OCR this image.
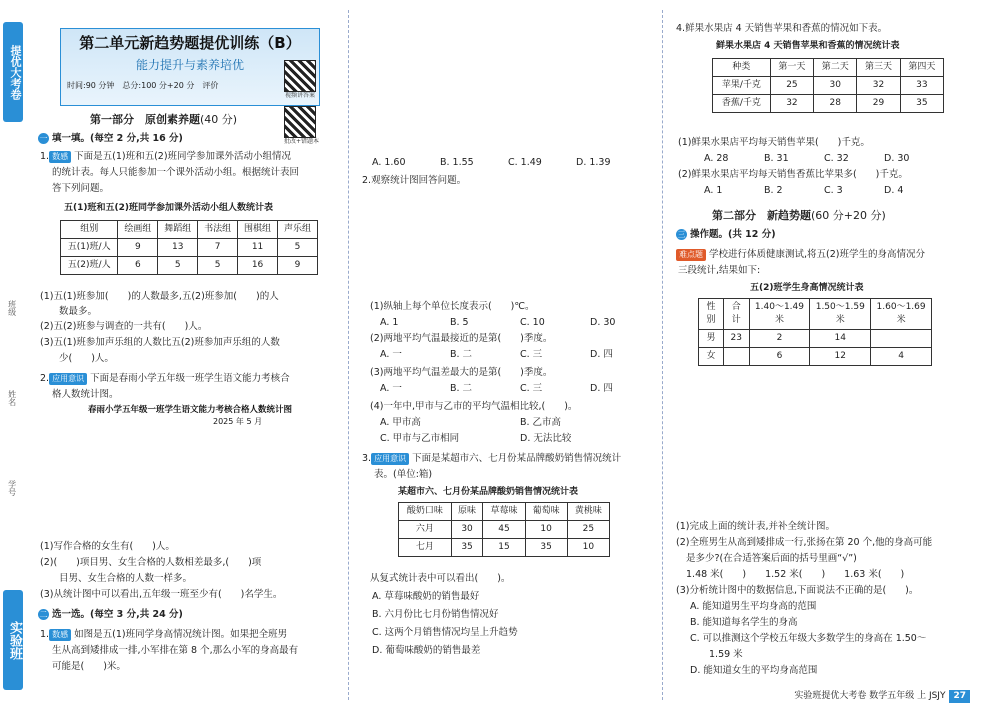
提优大考卷
班级
姓名
学号
实验班
第二单元新趋势题提优训练（B）
能力提升与素养培优
时间:90 分钟　总分:100 分+20 分　评价
视频讲答案
批改+错题本
第一部分　原创素养题(40 分)
一 填一填。(每空 2 分,共 16 分)
1. 数感 下面是五(1)班和五(2)班同学参加课外活动小组情况
的统计表。每人只能参加一个课外活动小组。根据统计表回
答下列问题。
五(1)班和五(2)班同学参加课外活动小组人数统计表
组别	绘画组	舞蹈组	书法组	围棋组	声乐组
五(1)班/人	9	13	7	11	5
五(2)班/人	6	5	5	16	9
(1)五(1)班参加(　　)的人数最多,五(2)班参加(　　)的人
　　数最多。
(2)五(2)班参与调查的一共有(　　)人。
(3)五(1)班参加声乐组的人数比五(2)班参加声乐组的人数
　　少(　　)人。
2. 应用意识 下面是春雨小学五年级一班学生语文能力考核合
格人数统计图。
春雨小学五年级一班学生语文能力考核合格人数统计图
2025 年 5 月
(1)写作合格的女生有(　　)人。
(2)(　　)项目男、女生合格的人数相差最多,(　　)项
　　目男、女生合格的人数一样多。
(3)从统计图中可以看出,五年级一班至少有(　　)名学生。
二 选一选。(每空 3 分,共 24 分)
1. 数感 如图是五(1)班同学身高情况统计图。如果把全班男
生从高到矮排成一排,小军排在第 8 个,那么小军的身高最有
可能是(　　)米。
A. 1.60	B. 1.55	C. 1.49	D. 1.39
2.观察统计图回答问题。
(1)纵轴上每个单位长度表示(　　)℃。
A. 1	B. 5	C. 10	D. 30
(2)两地平均气温最接近的是第(　　)季度。
A. 一	B. 二	C. 三	D. 四
(3)两地平均气温差最大的是第(　　)季度。
A. 一	B. 二	C. 三	D. 四
(4)一年中,甲市与乙市的平均气温相比较,(　　)。
A. 甲市高	B. 乙市高
C. 甲市与乙市相同	D. 无法比较
3. 应用意识 下面是某超市六、七月份某品牌酸奶销售情况统计
表。(单位:箱)
某超市六、七月份某品牌酸奶销售情况统计表
酸奶口味	原味	草莓味	葡萄味	黄桃味
六月	30	45	10	25
七月	35	15	35	10
从复式统计表中可以看出(　　)。
A. 草莓味酸奶的销售最好
B. 六月份比七月份销售情况好
C. 这两个月销售情况均呈上升趋势
D. 葡萄味酸奶的销售最差
4.鲜果水果店 4 天销售苹果和香蕉的情况如下表。
鲜果水果店 4 天销售苹果和香蕉的情况统计表
种类	第一天	第二天	第三天	第四天
苹果/千克	25	30	32	33
香蕉/千克	32	28	29	35
(1)鲜果水果店平均每天销售苹果(　　)千克。
A. 28	B. 31	C. 32	D. 30
(2)鲜果水果店平均每天销售香蕉比苹果多(　　)千克。
A. 1	B. 2	C. 3	D. 4
第二部分　新趋势题(60 分+20 分)
三 操作题。(共 12 分)
难点题 学校进行体质健康测试,将五(2)班学生的身高情况分
三段统计,结果如下:
五(2)班学生身高情况统计表
性别	合计	1.40～1.49 米	1.50～1.59 米	1.60～1.69 米
男	23	2	14	
女		6	12	4
(1)完成上面的统计表,并补全统计图。
(2)全班男生从高到矮排成一行,张扬在第 20 个,他的身高可能
是多少?(在合适答案后面的括号里画“√”)
1.48 米(　　)　　1.52 米(　　)　　1.63 米(　　)
(3)分析统计图中的数据信息,下面说法不正确的是(　　)。
A. 能知道男生平均身高的范围
B. 能知道每名学生的身高
C. 可以推测这个学校五年级大多数学生的身高在 1.50～
　　1.59 米
D. 能知道女生的平均身高范围
实验班提优大考卷 数学五年级 上 JSJY 27
